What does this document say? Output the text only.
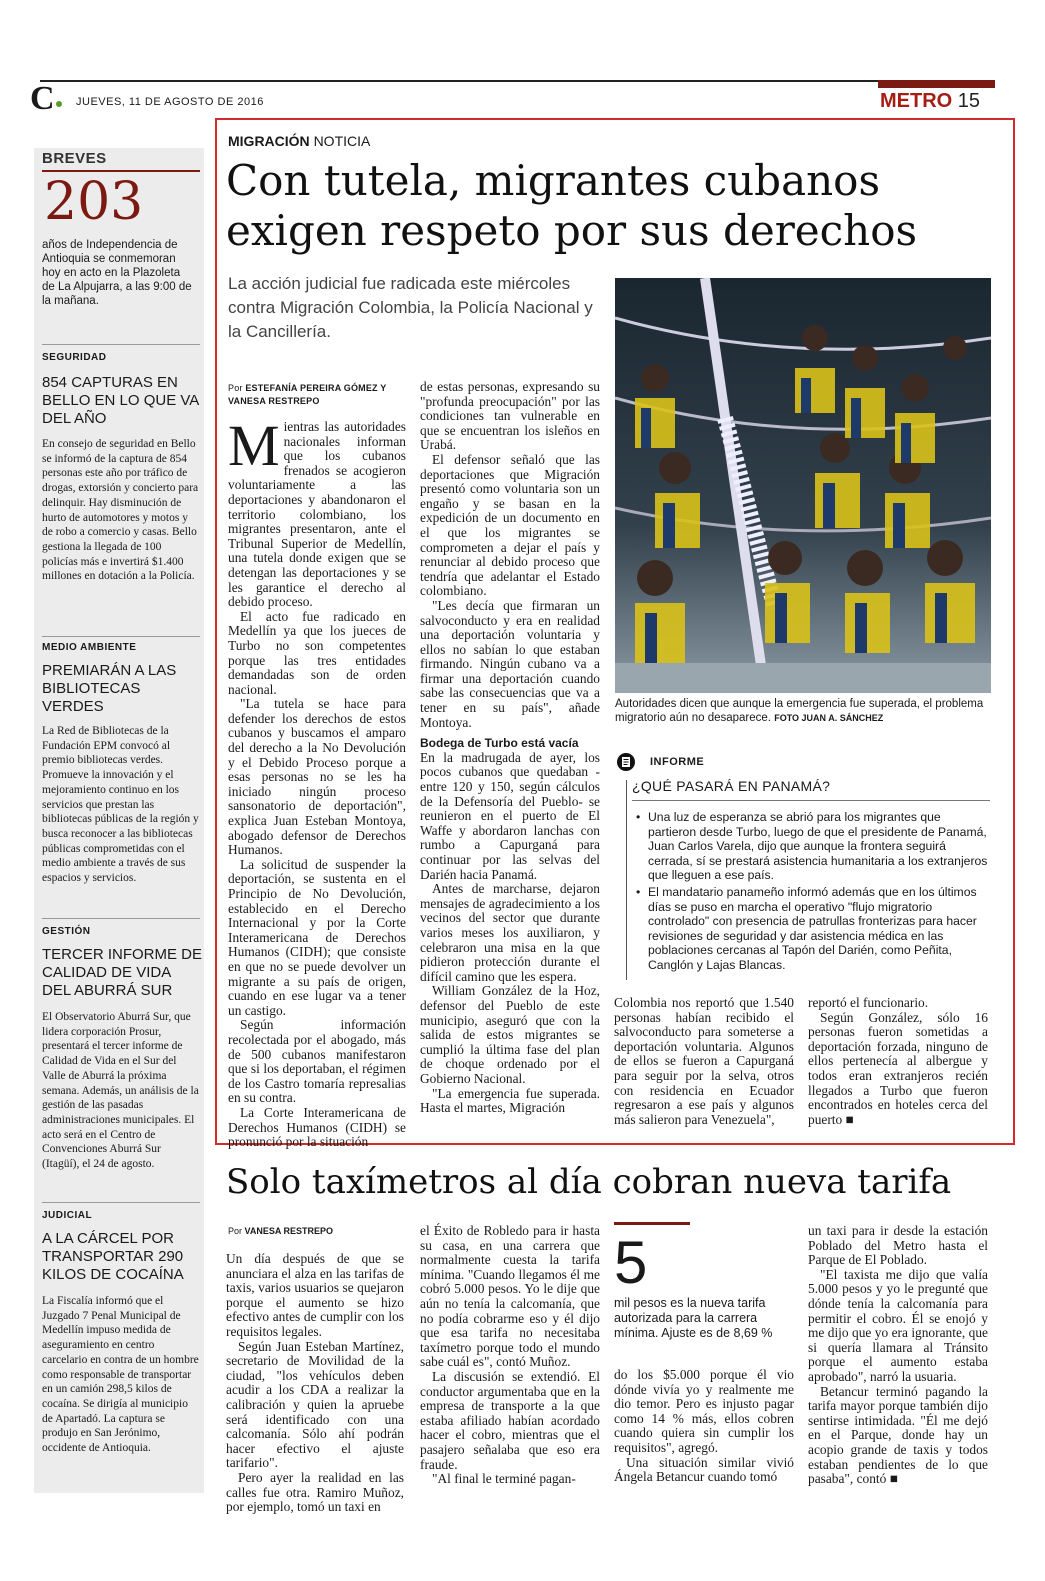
C	JUEVES, 11 DE AGOSTO DE 2016	METRO 15
BREVES
203
años de Independencia de Antioquia se conmemoran hoy en acto en la Plazoleta de La Alpujarra, a las 9:00 de la mañana.
SEGURIDAD
854 CAPTURAS EN BELLO EN LO QUE VA DEL AÑO
En consejo de seguridad en Bello se informó de la captura de 854 personas este año por tráfico de drogas, extorsión y concierto para delinquir. Hay disminución de hurto de automotores y motos y de robo a comercio y casas. Bello gestiona la llegada de 100 policías más e invertirá $1.400 millones en dotación a la Policía.
MEDIO AMBIENTE
PREMIARÁN A LAS BIBLIOTECAS VERDES
La Red de Bibliotecas de la Fundación EPM convocó al premio bibliotecas verdes. Promueve la innovación y el mejoramiento continuo en los servicios que prestan las bibliotecas públicas de la región y busca reconocer a las bibliotecas públicas comprometidas con el medio ambiente a través de sus espacios y servicios.
GESTIÓN
TERCER INFORME DE CALIDAD DE VIDA DEL ABURRÁ SUR
El Observatorio Aburrá Sur, que lidera corporación Prosur, presentará el tercer informe de Calidad de Vida en el Sur del Valle de Aburrá la próxima semana. Además, un análisis de la gestión de las pasadas administraciones municipales. El acto será en el Centro de Convenciones Aburrá Sur (Itagüí), el 24 de agosto.
JUDICIAL
A LA CÁRCEL POR TRANSPORTAR 290 KILOS DE COCAÍNA
La Fiscalía informó que el Juzgado 7 Penal Municipal de Medellín impuso medida de aseguramiento en centro carcelario en contra de un hombre como responsable de transportar en un camión 298,5 kilos de cocaína. Se dirigía al municipio de Apartadó. La captura se produjo en San Jerónimo, occidente de Antioquia.
MIGRACIÓN NOTICIA
Con tutela, migrantes cubanos exigen respeto por sus derechos
La acción judicial fue radicada este miércoles contra Migración Colombia, la Policía Nacional y la Cancillería.
Por ESTEFANÍA PEREIRA GÓMEZ Y VANESA RESTREPO

Mientras las autoridades nacionales informan que los cubanos frenados se acogieron voluntariamente a las deportaciones y abandonaron el territorio colombiano, los migrantes presentaron, ante el Tribunal Superior de Medellín, una tutela donde exigen que se detengan las deportaciones y se les garantice el derecho al debido proceso.

El acto fue radicado en Medellín ya que los jueces de Turbo no son competentes porque las tres entidades demandadas son de orden nacional.

"La tutela se hace para defender los derechos de estos cubanos y buscamos el amparo del derecho a la No Devolución y el Debido Proceso porque a esas personas no se les ha iniciado ningún proceso sansonatorio de deportación", explica Juan Esteban Montoya, abogado defensor de Derechos Humanos.

La solicitud de suspender la deportación, se sustenta en el Principio de No Devolución, establecido en el Derecho Internacional y por la Corte Interamericana de Derechos Humanos (CIDH); que consiste en que no se puede devolver un migrante a su país de origen, cuando en ese lugar va a tener un castigo.

Según información recolectada por el abogado, más de 500 cubanos manifestaron que si los deportaban, el régimen de los Castro tomaría represalias en su contra.

La Corte Interamericana de Derechos Humanos (CIDH) se pronunció por la situación

de estas personas, expresando su "profunda preocupación" por las condiciones tan vulnerable en que se encuentran los isleños en Urabá.

El defensor señaló que las deportaciones que Migración presentó como voluntaria son un engaño y se basan en la expedición de un documento en el que los migrantes se comprometen a dejar el país y renunciar al debido proceso que tendría que adelantar el Estado colombiano.

"Les decía que firmaran un salvoconducto y era en realidad una deportación voluntaria y ellos no sabían lo que estaban firmando. Ningún cubano va a firmar una deportación cuando sabe las consecuencias que va a tener en su país", añade Montoya.

Bodega de Turbo está vacía

En la madrugada de ayer, los pocos cubanos que quedaban -entre 120 y 150, según cálculos de la Defensoría del Pueblo- se reunieron en el puerto de El Waffe y abordaron lanchas con rumbo a Capurganá para continuar por las selvas del Darién hacia Panamá.

Antes de marcharse, dejaron mensajes de agradecimiento a los vecinos del sector que durante varios meses los auxiliaron, y celebraron una misa en la que pidieron protección durante el difícil camino que les espera.

William González de la Hoz, defensor del Pueblo de este municipio, aseguró que con la salida de estos migrantes se cumplió la última fase del plan de choque ordenado por el Gobierno Nacional.

"La emergencia fue superada. Hasta el martes, Migración

Autoridades dicen que aunque la emergencia fue superada, el problema migratorio aún no desaparece. FOTO JUAN A. SÁNCHEZ
INFORME
¿QUÉ PASARÁ EN PANAMÁ?
• Una luz de esperanza se abrió para los migrantes que partieron desde Turbo, luego de que el presidente de Panamá, Juan Carlos Varela, dijo que aunque la frontera seguirá cerrada, sí se prestará asistencia humanitaria a los extranjeros que lleguen a ese país.
• El mandatario panameño informó además que en los últimos días se puso en marcha el operativo "flujo migratorio controlado" con presencia de patrullas fronterizas para hacer revisiones de seguridad y dar asistencia médica en las poblaciones cercanas al Tapón del Darién, como Peñita, Canglón y Lajas Blancas.

Colombia nos reportó que 1.540 personas habían recibido el salvoconducto para someterse a deportación voluntaria. Algunos de ellos se fueron a Capurganá para seguir por la selva, otros con residencia en Ecuador regresaron a ese país y algunos más salieron para Venezuela",

reportó el funcionario.

Según González, sólo 16 personas fueron sometidas a deportación forzada, ninguno de ellos pertenecía al albergue y todos eran extranjeros recién llegados a Turbo que fueron encontrados en hoteles cerca del puerto ■

Solo taxímetros al día cobran nueva tarifa
Por VANESA RESTREPO

Un día después de que se anunciara el alza en las tarifas de taxis, varios usuarios se quejaron porque el aumento se hizo efectivo antes de cumplir con los requisitos legales.

Según Juan Esteban Martínez, secretario de Movilidad de la ciudad, "los vehículos deben acudir a los CDA a realizar la calibración y quien la apruebe será identificado con una calcomanía. Sólo ahí podrán hacer efectivo el ajuste tarifario".

Pero ayer la realidad en las calles fue otra. Ramiro Muñoz, por ejemplo, tomó un taxi en

el Éxito de Robledo para ir hasta su casa, en una carrera que normalmente cuesta la tarifa mínima. "Cuando llegamos él me cobró 5.000 pesos. Yo le dije que aún no tenía la calcomanía, que no podía cobrarme eso y él dijo que esa tarifa no necesitaba taxímetro porque todo el mundo sabe cuál es", contó Muñoz.

La discusión se extendió. El conductor argumentaba que en la empresa de transporte a la que estaba afiliado habían acordado hacer el cobro, mientras que el pasajero señalaba que eso era fraude.

"Al final le terminé pagan-

5
mil pesos es la nueva tarifa autorizada para la carrera mínima. Ajuste es de 8,69 %

do los $5.000 porque él vio dónde vivía yo y realmente me dio temor. Pero es injusto pagar como 14 % más, ellos cobren cuando quiera sin cumplir los requisitos", agregó.

Una situación similar vivió Ángela Betancur cuando tomó

un taxi para ir desde la estación Poblado del Metro hasta el Parque de El Poblado.

"El taxista me dijo que valía 5.000 pesos y yo le pregunté que dónde tenía la calcomanía para permitir el cobro. Él se enojó y me dijo que yo era ignorante, que si quería llamara al Tránsito porque el aumento estaba aprobado", narró la usuaria.

Betancur terminó pagando la tarifa mayor porque también dijo sentirse intimidada. "Él me dejó en el Parque, donde hay un acopio grande de taxis y todos estaban pendientes de lo que pasaba", contó ■
